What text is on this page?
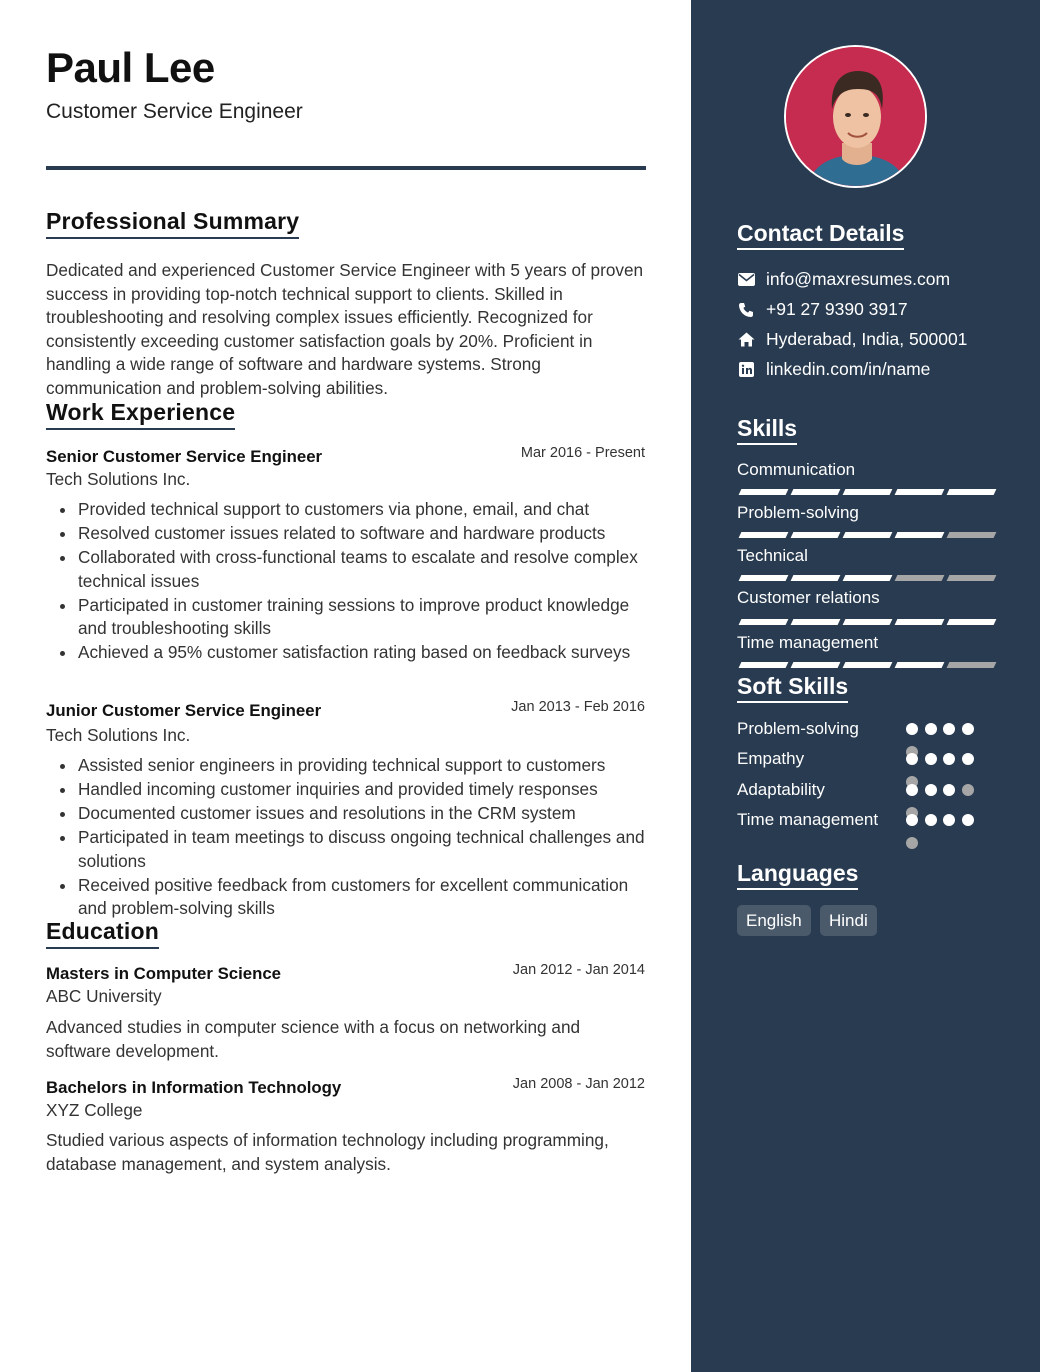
Paul Lee
Customer Service Engineer
Professional Summary
Dedicated and experienced Customer Service Engineer with 5 years of proven success in providing top-notch technical support to clients. Skilled in troubleshooting and resolving complex issues efficiently. Recognized for consistently exceeding customer satisfaction goals by 20%. Proficient in handling a wide range of software and hardware systems. Strong communication and problem-solving abilities.
Work Experience
Senior Customer Service Engineer	Mar 2016 - Present
Tech Solutions Inc.
Provided technical support to customers via phone, email, and chat
Resolved customer issues related to software and hardware products
Collaborated with cross-functional teams to escalate and resolve complex technical issues
Participated in customer training sessions to improve product knowledge and troubleshooting skills
Achieved a 95% customer satisfaction rating based on feedback surveys
Junior Customer Service Engineer	Jan 2013 - Feb 2016
Tech Solutions Inc.
Assisted senior engineers in providing technical support to customers
Handled incoming customer inquiries and provided timely responses
Documented customer issues and resolutions in the CRM system
Participated in team meetings to discuss ongoing technical challenges and solutions
Received positive feedback from customers for excellent communication and problem-solving skills
Education
Masters in Computer Science	Jan 2012 - Jan 2014
ABC University
Advanced studies in computer science with a focus on networking and software development.
Bachelors in Information Technology	Jan 2008 - Jan 2012
XYZ College
Studied various aspects of information technology including programming, database management, and system analysis.
Contact Details
info@maxresumes.com
+91 27 9390 3917
Hyderabad, India, 500001
linkedin.com/in/name
Skills
Communication
Problem-solving
Technical
Customer relations
Time management
Soft Skills
Problem-solving
Empathy
Adaptability
Time management
Languages
English	Hindi
